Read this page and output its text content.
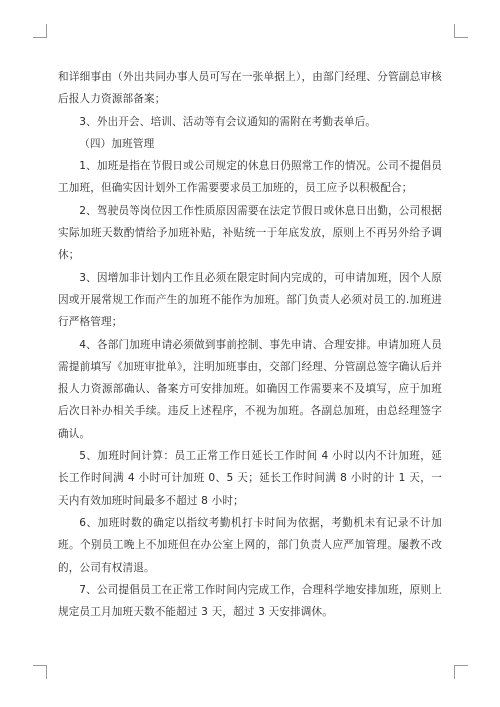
和详细事由（外出共同办事人员可写在一张单据上），由部门经理、分管副总审核后报人力资源部备案；

3、外出开会、培训、活动等有会议通知的需附在考勤表单后。

（四）加班管理

1、加班是指在节假日或公司规定的休息日仍照常工作的情况。公司不提倡员工加班，但确实因计划外工作需要要求员工加班的，员工应予以积极配合；

2、驾驶员等岗位因工作性质原因需要在法定节假日或休息日出勤，公司根据实际加班天数酌情给予加班补贴，补贴统一于年底发放，原则上不再另外给予调休；

3、因增加非计划内工作且必须在限定时间内完成的，可申请加班，因个人原因或开展常规工作而产生的加班不能作为加班。部门负责人必须对员工的.加班进行严格管理；

4、各部门加班申请必须做到事前控制、事先申请、合理安排。申请加班人员需提前填写《加班审批单》，注明加班事由，交部门经理、分管副总签字确认后并报人力资源部确认、备案方可安排加班。如确因工作需要来不及填写，应于加班后次日补办相关手续。违反上述程序，不视为加班。各副总加班，由总经理签字确认。

5、加班时间计算：员工正常工作日延长工作时间 4 小时以内不计加班，延长工作时间满 4 小时可计加班 0、5 天；延长工作时间满 8 小时的计 1 天，一天内有效加班时间最多不超过 8 小时；

6、加班时数的确定以指纹考勤机打卡时间为依据，考勤机未有记录不计加班。个别员工晚上不加班但在办公室上网的，部门负责人应严加管理。屡教不改的，公司有权清退。

7、公司提倡员工在正常工作时间内完成工作，合理科学地安排加班，原则上规定员工月加班天数不能超过 3 天，超过 3 天安排调休。
